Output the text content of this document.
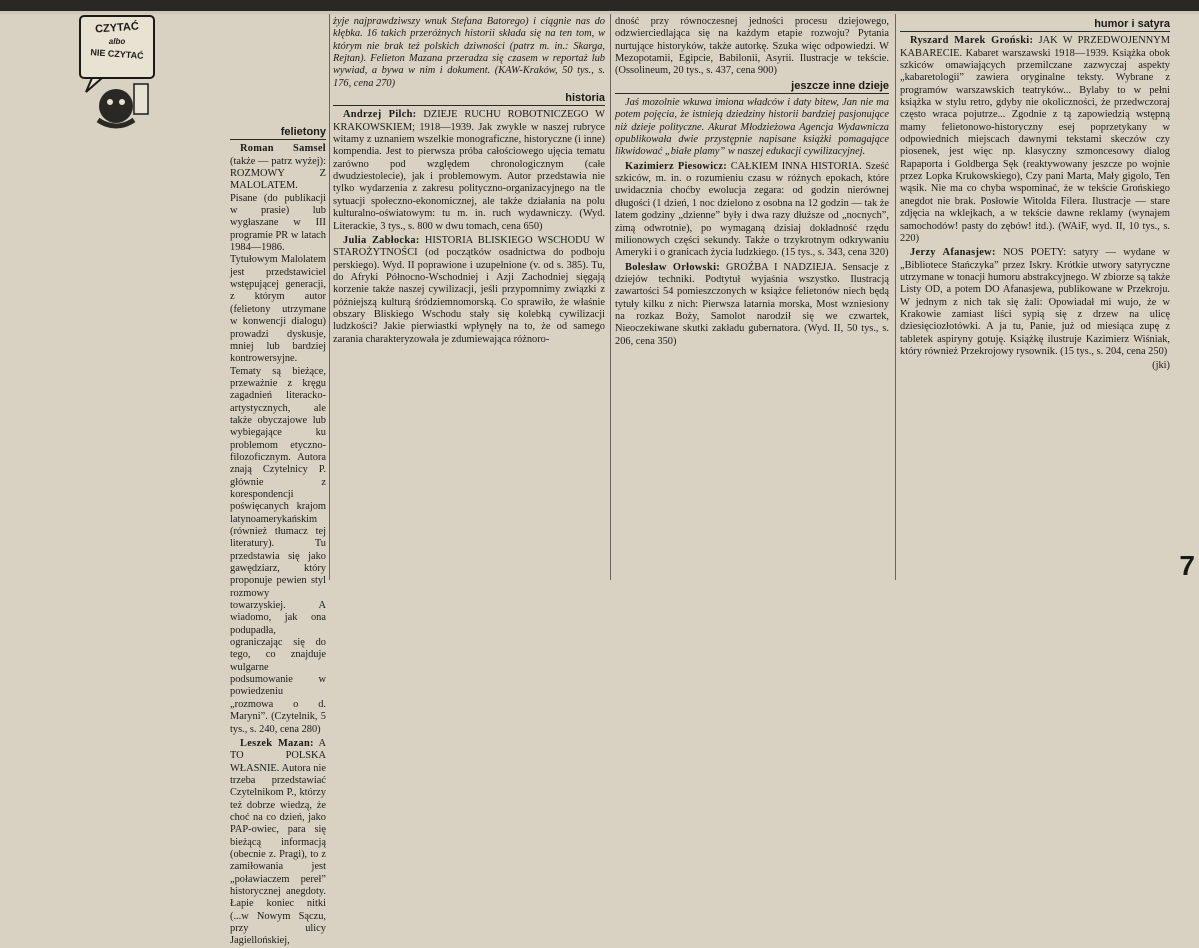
CZYTAĆ
albo
NIE CZYTAĆ
felietony

Roman Samsel (także — patrz wyżej): ROZMOWY Z MALOLATEM. Pisane (do publikacji w prasie) lub wygłaszane w III programie PR w latach 1984—1986. Tytułowym Malolatem jest przedstawiciel wstępującej generacji, z którym autor (felietony utrzymane w konwencji dialogu) prowadzi dyskusje, mniej lub bardziej kontrowersyjne. Tematy są bieżące, przeważnie z kręgu zagadnień literacko-artystycznych, ale także obyczajowe lub wybiegające ku problemom etyczno-filozoficznym. Autora znają Czytelnicy P. głównie z korespondencji poświęcanych krajom latynoamerykańskim (również tłumacz tej literatury). Tu przedstawia się jako gawędziarz, który proponuje pewien styl rozmowy towarzyskiej. A wiadomo, jak ona podupadła, ograniczając się do tego, co znajduje wulgarne podsumowanie w powiedzeniu „rozmowa o d. Maryni”. (Czytelnik, 5 tys., s. 240, cena 280)

Leszek Mazan: A TO POLSKA WŁASNIE. Autora nie trzeba przedstawiać Czytelnikom P., którzy też dobrze wiedzą, że choć na co dzień, jako PAP-owiec, para się bieżącą informacją (obecnie z. Pragi), to z zamiłowania jest „poławiaczem pereł” historycznej anegdoty. Łapie koniec nitki (...w Nowym Sączu, przy ulicy Jagiellońskiej,

żyje najprawdziwszy wnuk Stefana Batorego) i ciągnie nas do kłębka. 16 takich przeróżnych historii składa się na ten tom, w którym nie brak też polskich dziwności (patrz m. in.: Skarga, Rejtan). Felieton Mazana przeradza się czasem w reportaż lub wywiad, a bywa w nim i dokument. (KAW-Kraków, 50 tys., s. 176, cena 270)

historia

Andrzej Pilch: DZIEJE RUCHU ROBOTNICZEGO W KRAKOWSKIEM; 1918—1939. Jak zwykle w naszej rubryce witamy z uznaniem wszelkie monograficzne, historyczne (i inne) kompendia. Jest to pierwsza próba całościowego ujęcia tematu zarówno pod względem chronologicznym (całe dwudziestolecie), jak i problemowym. Autor przedstawia nie tylko wydarzenia z zakresu polityczno-organizacyjnego na tle sytuacji społeczno-ekonomicznej, ale także działania na polu kulturalno-oświatowym: tu m. in. ruch wydawniczy. (Wyd. Literackie, 3 tys., s. 800 w dwu tomach, cena 650)

Julia Zabłocka: HISTORIA BLISKIEGO WSCHODU W STAROŻYTNOŚCI (od początków osadnictwa do podboju perskiego). Wyd. II poprawione i uzupełnione (v. od s. 385). Tu, do Afryki Północno-Wschodniej i Azji Zachodniej sięgają korzenie także naszej cywilizacji, jeśli przypomnimy związki z późniejszą kulturą śródziemnomorską. Co sprawiło, że właśnie obszary Bliskiego Wschodu stały się kolebką cywilizacji ludzkości? Jakie pierwiastki wpłynęły na to, że od samego zarania charakteryzowała je zdumiewająca różnoro-

dność przy równoczesnej jedności procesu dziejowego, odzwierciedlająca się na każdym etapie rozwoju? Pytania nurtujące historyków, także autorkę. Szuka więc odpowiedzi. W Mezopotamii, Egipcie, Babilonii, Asyrii. Ilustracje w tekście. (Ossolineum, 20 tys., s. 437, cena 900)

jeszcze inne dzieje

Jaś mozolnie wkuwa imiona władców i daty bitew, Jan nie ma potem pojęcia, że istnieją dziedziny historii bardziej pasjonujące niż dzieje polityczne. Akurat Młodzieżowa Agencja Wydawnicza opublikowała dwie przystępnie napisane książki pomagające likwidować „białe plamy” w naszej edukacji cywilizacyjnej.

Kazimierz Piesowicz: CAŁKIEM INNA HISTORIA. Sześć szkiców, m. in. o rozumieniu czasu w różnych epokach, które uwidacznia choćby ewolucja zegara: od godzin nierównej długości (1 dzień, 1 noc dzielono z osobna na 12 godzin — tak że latem godziny „dzienne” były i dwa razy dłuższe od „nocnych”, zimą odwrotnie), po wymaganą dzisiaj dokładność rzędu milionowych części sekundy. Także o trzykrotnym odkrywaniu Ameryki i o granicach życia ludzkiego. (15 tys., s. 343, cena 320)

Bolesław Orłowski: GROŹBA I NADZIEJA. Sensacje z dziejów techniki. Podtytuł wyjaśnia wszystko. Ilustracją zawartości 54 pomieszczonych w książce felietonów niech będą tytuły kilku z nich: Pierwsza latarnia morska, Most wzniesiony na rozkaz Boży, Samolot narodził się we czwartek, Nieoczekiwane skutki zakładu gubernatora. (Wyd. II, 50 tys., s. 206, cena 350)

humor i satyra

Ryszard Marek Groński: JAK W PRZEDWOJENNYM KABARECIE. Kabaret warszawski 1918—1939. Książka obok szkiców omawiających przemilczane zazwyczaj aspekty „kabaretologii” zawiera oryginalne teksty. Wybrane z programów warszawskich teatryków... Bylaby to w pełni książka w stylu retro, gdyby nie okoliczności, że przedwczoraj często wraca pojutrze... Zgodnie z tą zapowiedzią wstępną mamy felietonowo-historyczny esej poprzetykany w odpowiednich miejscach dawnymi tekstami skeczów czy piosenek, jest więc np. klasyczny szmoncesowy dialog Rapaporta i Goldberga Sęk (reaktywowany jeszcze po wojnie przez Lopka Krukowskiego), Czy pani Marta, Mały gigolo, Ten wąsik. Nie ma co chyba wspominać, że w tekście Grońskiego anegdot nie brak. Posłowie Witolda Filera. Ilustracje — stare zdjęcia na wklejkach, a w tekście dawne reklamy (wynajem samochodów! pasty do zębów! itd.). (WAiF, wyd. II, 10 tys., s. 220)

Jerzy Afanasjew: NOS POETY: satyry — wydane w „Bibliotece Stańczyka” przez Iskry. Krótkie utwory satyryczne utrzymane w tonacji humoru abstrakcyjnego. W zbiorze są także Listy OD, a potem DO Afanasjewa, publikowane w Przekroju. W jednym z nich tak się żali: Opowiadał mi wujo, że w Krakowie zamiast liści sypią się z drzew na ulicę dziesięciozłotówki. A ja tu, Panie, już od miesiąca zupę z tabletek aspiryny gotuję. Książkę ilustruje Kazimierz Wiśniak, który również Przekrojowy rysownik. (15 tys., s. 204, cena 250)

(jki)

7
